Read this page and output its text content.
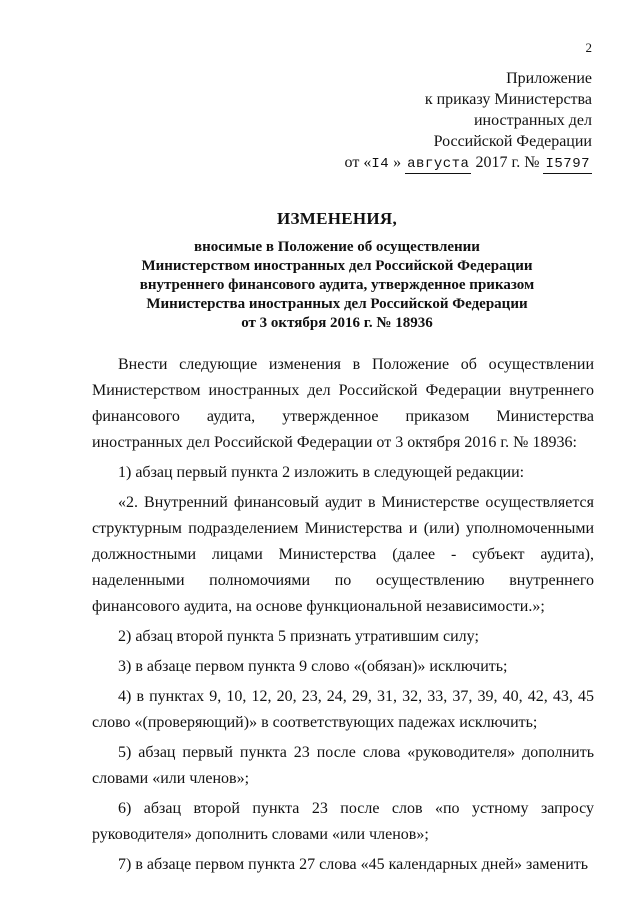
2
Приложение
к приказу Министерства
иностранных дел
Российской Федерации
от «I4 » августа 2017 г. № I5797
ИЗМЕНЕНИЯ,
вносимые в Положение об осуществлении
Министерством иностранных дел Российской Федерации
внутреннего финансового аудита, утвержденное приказом
Министерства иностранных дел Российской Федерации
от 3 октября 2016 г. № 18936

Внести следующие изменения в Положение об осуществлении Министерством иностранных дел Российской Федерации внутреннего финансового аудита, утвержденное приказом Министерства иностранных дел Российской Федерации от 3 октября 2016 г. № 18936:

1) абзац первый пункта 2 изложить в следующей редакции:

«2. Внутренний финансовый аудит в Министерстве осуществляется структурным подразделением Министерства и (или) уполномоченными должностными лицами Министерства (далее - субъект аудита), наделенными полномочиями по осуществлению внутреннего финансового аудита, на основе функциональной независимости.»;

2) абзац второй пункта 5 признать утратившим силу;

3) в абзаце первом пункта 9 слово «(обязан)» исключить;

4) в пунктах 9, 10, 12, 20, 23, 24, 29, 31, 32, 33, 37, 39, 40, 42, 43, 45 слово «(проверяющий)» в соответствующих падежах исключить;

5) абзац первый пункта 23 после слова «руководителя» дополнить словами «или членов»;

6) абзац второй пункта 23 после слов «по устному запросу руководителя» дополнить словами «или членов»;

7) в абзаце первом пункта 27 слова «45 календарных дней» заменить
